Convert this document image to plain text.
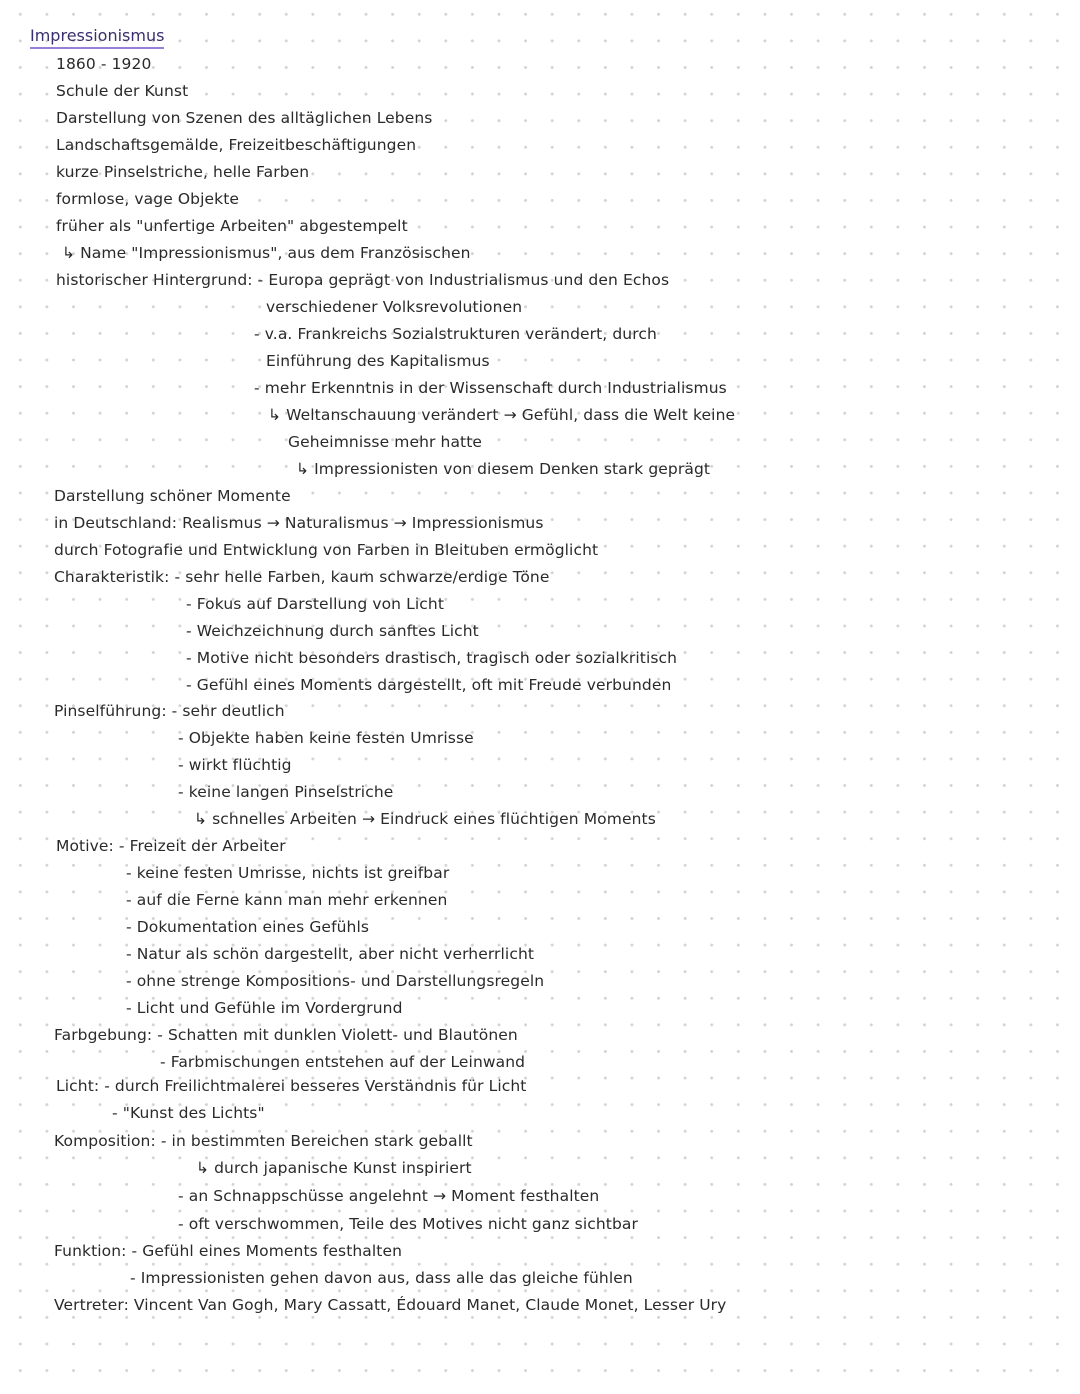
Impressionismus
1860 - 1920
Schule der Kunst
Darstellung von Szenen des alltäglichen Lebens
Landschaftsgemälde, Freizeitbeschäftigungen
kurze Pinselstriche, helle Farben
formlose, vage Objekte
früher als "unfertige Arbeiten" abgestempelt
↳ Name "Impressionismus", aus dem Französischen
historischer Hintergrund: - Europa geprägt von Industrialismus und den Echos
verschiedener Volksrevolutionen
- v.a. Frankreichs Sozialstrukturen verändert, durch
Einführung des Kapitalismus
- mehr Erkenntnis in der Wissenschaft durch Industrialismus
↳ Weltanschauung verändert → Gefühl, dass die Welt keine
Geheimnisse mehr hatte
↳ Impressionisten von diesem Denken stark geprägt
Darstellung schöner Momente
in Deutschland: Realismus → Naturalismus → Impressionismus
durch Fotografie und Entwicklung von Farben in Bleituben ermöglicht
Charakteristik: - sehr helle Farben, kaum schwarze/erdige Töne
- Fokus auf Darstellung von Licht
- Weichzeichnung durch sanftes Licht
- Motive nicht besonders drastisch, tragisch oder sozialkritisch
- Gefühl eines Moments dargestellt, oft mit Freude verbunden
Pinselführung: - sehr deutlich
- Objekte haben keine festen Umrisse
- wirkt flüchtig
- keine langen Pinselstriche
↳ schnelles Arbeiten → Eindruck eines flüchtigen Moments
Motive: - Freizeit der Arbeiter
- keine festen Umrisse, nichts ist greifbar
- auf die Ferne kann man mehr erkennen
- Dokumentation eines Gefühls
- Natur als schön dargestellt, aber nicht verherrlicht
- ohne strenge Kompositions- und Darstellungsregeln
- Licht und Gefühle im Vordergrund
Farbgebung: - Schatten mit dunklen Violett- und Blautönen
- Farbmischungen entstehen auf der Leinwand
Licht: - durch Freilichtmalerei besseres Verständnis für Licht
- "Kunst des Lichts"
Komposition: - in bestimmten Bereichen stark geballt
↳ durch japanische Kunst inspiriert
- an Schnappschüsse angelehnt → Moment festhalten
- oft verschwommen, Teile des Motives nicht ganz sichtbar
Funktion: - Gefühl eines Moments festhalten
- Impressionisten gehen davon aus, dass alle das gleiche fühlen
Vertreter: Vincent Van Gogh, Mary Cassatt, Édouard Manet, Claude Monet, Lesser Ury
